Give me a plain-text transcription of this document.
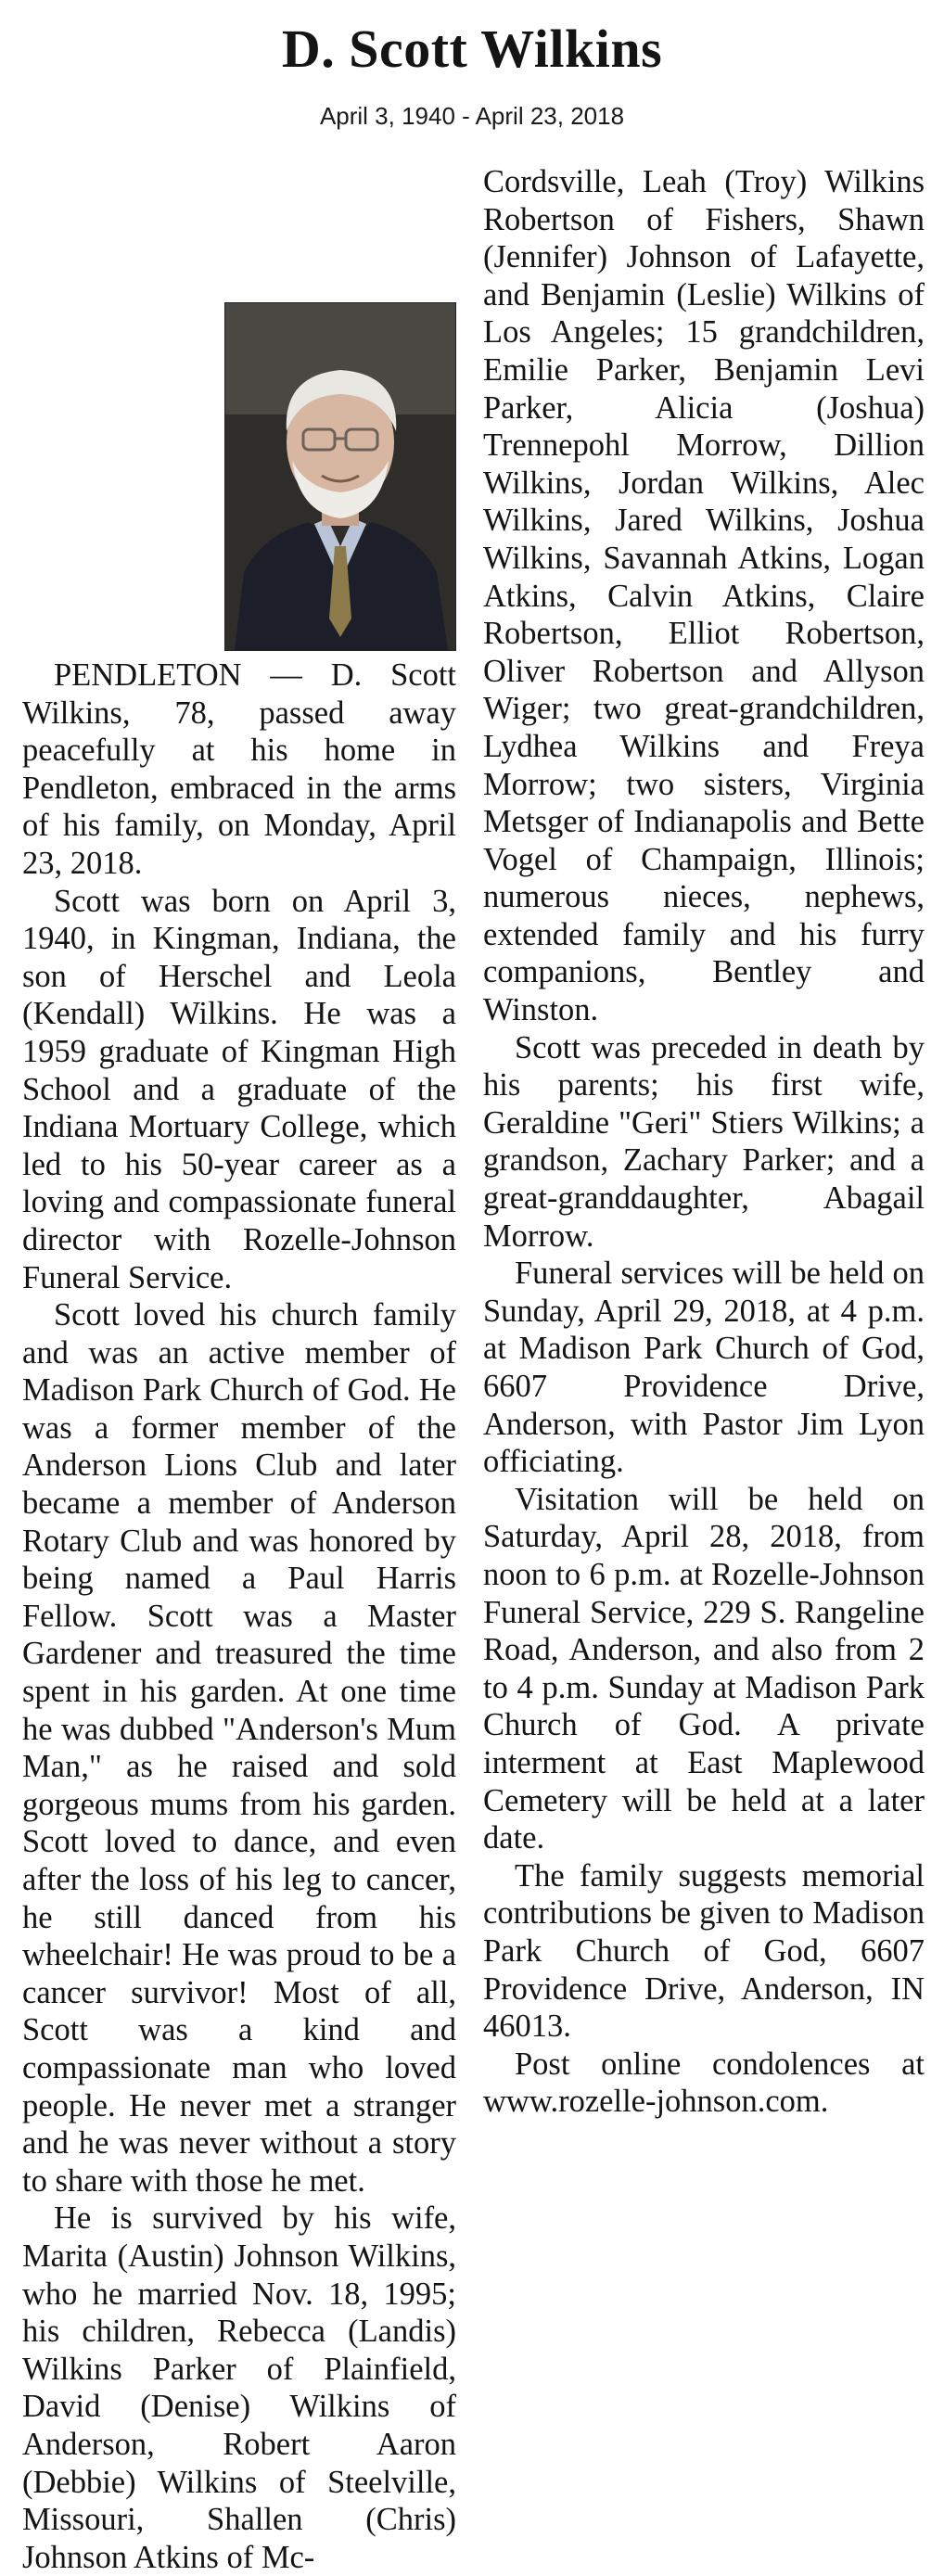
D. Scott Wilkins
April 3, 1940 - April 23, 2018

PENDLETON — D. Scott Wilkins, 78, passed away peacefully at his home in Pendleton, embraced in the arms of his family, on Monday, April 23, 2018.

Scott was born on April 3, 1940, in Kingman, Indiana, the son of Herschel and Leola (Kendall) Wilkins. He was a 1959 graduate of Kingman High School and a graduate of the Indiana Mortuary College, which led to his 50-year career as a loving and compassionate funeral director with Rozelle-Johnson Funeral Service.

Scott loved his church family and was an active member of Madison Park Church of God. He was a former member of the Anderson Lions Club and later became a member of Anderson Rotary Club and was honored by being named a Paul Harris Fellow. Scott was a Master Gardener and treasured the time spent in his garden. At one time he was dubbed "Anderson's Mum Man," as he raised and sold gorgeous mums from his garden. Scott loved to dance, and even after the loss of his leg to cancer, he still danced from his wheelchair! He was proud to be a cancer survivor! Most of all, Scott was a kind and compassionate man who loved people. He never met a stranger and he was never without a story to share with those he met.

He is survived by his wife, Marita (Austin) Johnson Wilkins, who he married Nov. 18, 1995; his children, Rebecca (Landis) Wilkins Parker of Plainfield, David (Denise) Wilkins of Anderson, Robert Aaron (Debbie) Wilkins of Steelville, Missouri, Shallen (Chris) Johnson Atkins of Mc-

Cordsville, Leah (Troy) Wilkins Robertson of Fishers, Shawn (Jennifer) Johnson of Lafayette, and Benjamin (Leslie) Wilkins of Los Angeles; 15 grandchildren, Emilie Parker, Benjamin Levi Parker, Alicia (Joshua) Trennepohl Morrow, Dillion Wilkins, Jordan Wilkins, Alec Wilkins, Jared Wilkins, Joshua Wilkins, Savannah Atkins, Logan Atkins, Calvin Atkins, Claire Robertson, Elliot Robertson, Oliver Robertson and Allyson Wiger; two great-grandchildren, Lydhea Wilkins and Freya Morrow; two sisters, Virginia Metsger of Indianapolis and Bette Vogel of Champaign, Illinois; numerous nieces, nephews, extended family and his furry companions, Bentley and Winston.

Scott was preceded in death by his parents; his first wife, Geraldine "Geri" Stiers Wilkins; a grandson, Zachary Parker; and a great-granddaughter, Abagail Morrow.

Funeral services will be held on Sunday, April 29, 2018, at 4 p.m. at Madison Park Church of God, 6607 Providence Drive, Anderson, with Pastor Jim Lyon officiating.

Visitation will be held on Saturday, April 28, 2018, from noon to 6 p.m. at Rozelle-Johnson Funeral Service, 229 S. Rangeline Road, Anderson, and also from 2 to 4 p.m. Sunday at Madison Park Church of God. A private interment at East Maplewood Cemetery will be held at a later date.

The family suggests memorial contributions be given to Madison Park Church of God, 6607 Providence Drive, Anderson, IN 46013.

Post online condolences at www.rozelle-johnson.com.
